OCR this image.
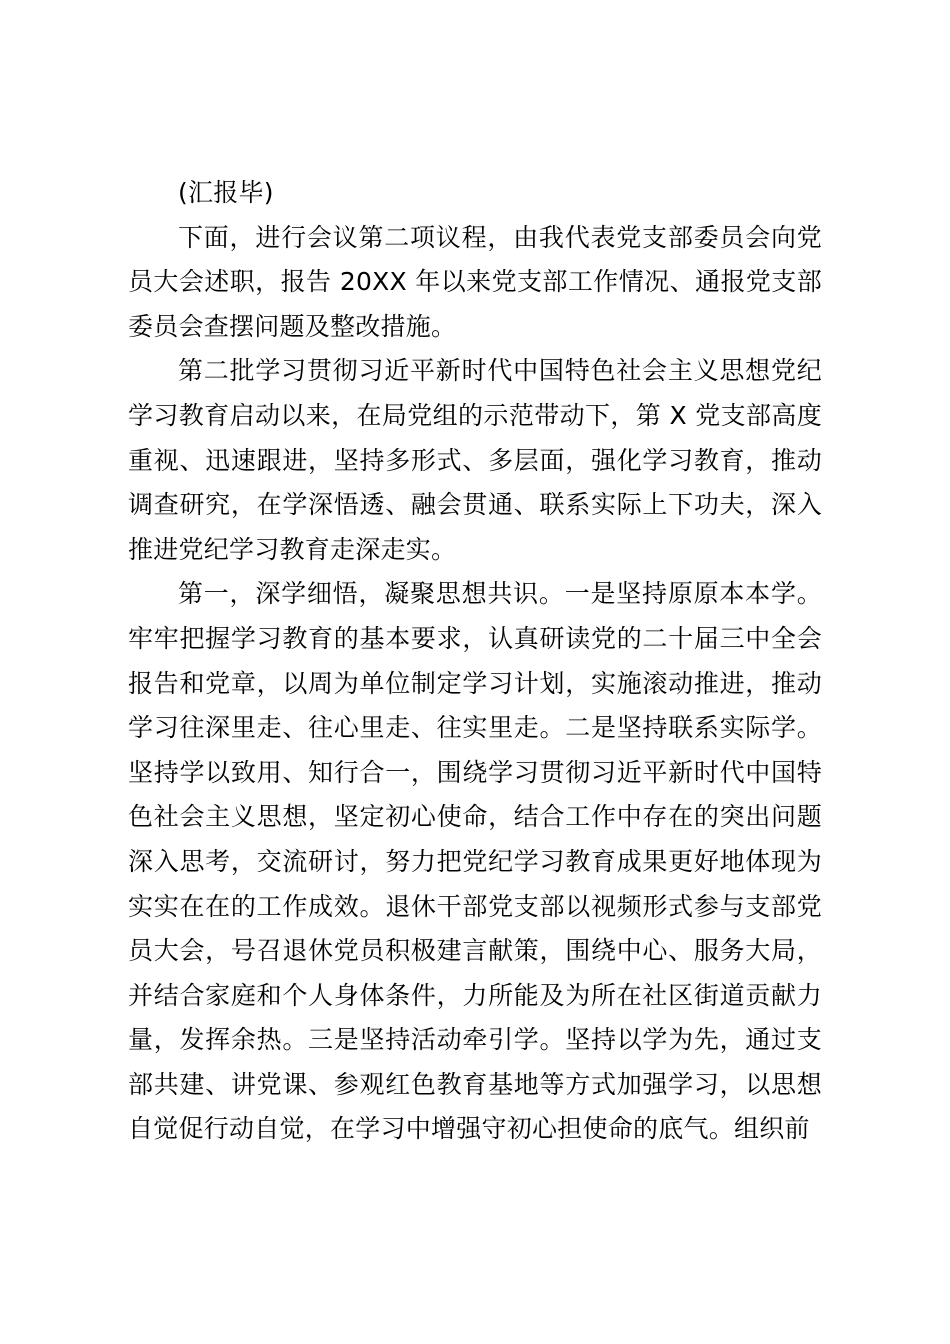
(汇报毕)

下面，进行会议第二项议程，由我代表党支部委员会向党员大会述职，报告 20XX 年以来党支部工作情况、通报党支部委员会查摆问题及整改措施。

第二批学习贯彻习近平新时代中国特色社会主义思想党纪学习教育启动以来，在局党组的示范带动下，第 X 党支部高度重视、迅速跟进，坚持多形式、多层面，强化学习教育，推动调查研究，在学深悟透、融会贯通、联系实际上下功夫，深入推进党纪学习教育走深走实。

第一，深学细悟，凝聚思想共识。一是坚持原原本本学。牢牢把握学习教育的基本要求，认真研读党的二十届三中全会报告和党章，以周为单位制定学习计划，实施滚动推进，推动学习往深里走、往心里走、往实里走。二是坚持联系实际学。坚持学以致用、知行合一，围绕学习贯彻习近平新时代中国特色社会主义思想，坚定初心使命，结合工作中存在的突出问题深入思考，交流研讨，努力把党纪学习教育成果更好地体现为实实在在的工作成效。退休干部党支部以视频形式参与支部党员大会，号召退休党员积极建言献策，围绕中心、服务大局，并结合家庭和个人身体条件，力所能及为所在社区街道贡献力量，发挥余热。三是坚持活动牵引学。坚持以学为先，通过支部共建、讲党课、参观红色教育基地等方式加强学习，以思想自觉促行动自觉，在学习中增强守初心担使命的底气。组织前
